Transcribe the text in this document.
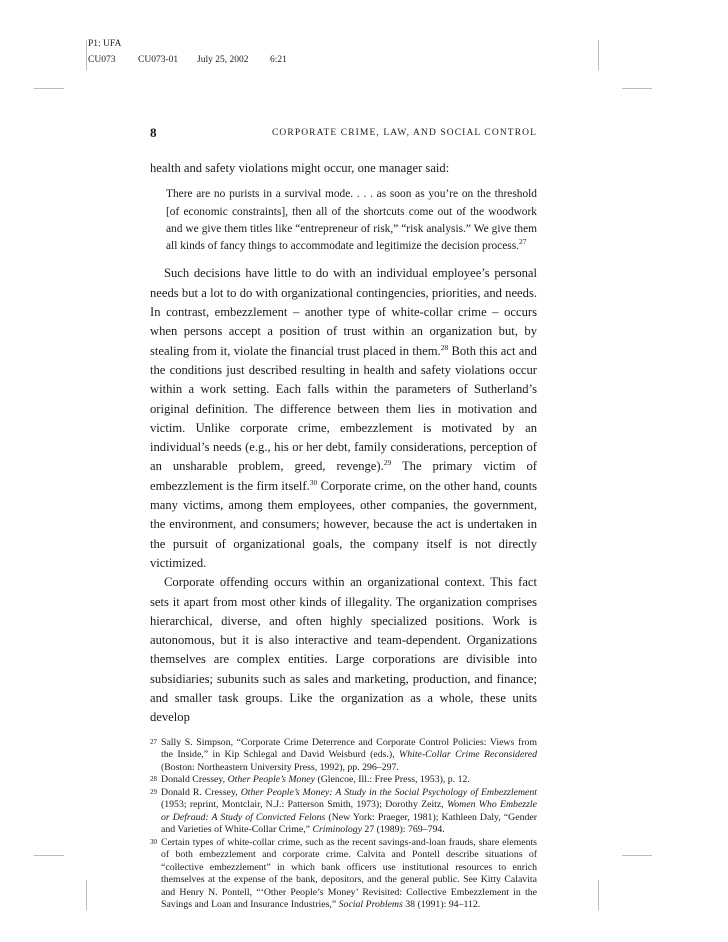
P1: UFA
CU073 CU073-01 July 25, 2002 6:21
8	CORPORATE CRIME, LAW, AND SOCIAL CONTROL

health and safety violations might occur, one manager said:

There are no purists in a survival mode. . . . as soon as you’re on the threshold [of economic constraints], then all of the shortcuts come out of the woodwork and we give them titles like “entrepreneur of risk,” “risk analysis.” We give them all kinds of fancy things to accommodate and legitimize the decision process.$^{27}$

Such decisions have little to do with an individual employee’s personal needs but a lot to do with organizational contingencies, priorities, and needs. In contrast, embezzlement – another type of white-collar crime – occurs when persons accept a position of trust within an organization but, by stealing from it, violate the financial trust placed in them.$^{28}$ Both this act and the conditions just described resulting in health and safety violations occur within a work setting. Each falls within the parameters of Sutherland’s original definition. The difference between them lies in motivation and victim. Unlike corporate crime, embezzlement is motivated by an individual’s needs (e.g., his or her debt, family considerations, perception of an unsharable problem, greed, revenge).$^{29}$ The primary victim of embezzlement is the firm itself.$^{30}$ Corporate crime, on the other hand, counts many victims, among them employees, other companies, the government, the environment, and consumers; however, because the act is undertaken in the pursuit of organizational goals, the company itself is not directly victimized.

Corporate offending occurs within an organizational context. This fact sets it apart from most other kinds of illegality. The organization comprises hierarchical, diverse, and often highly specialized positions. Work is autonomous, but it is also interactive and team-dependent. Organizations themselves are complex entities. Large corporations are divisible into subsidiaries; subunits such as sales and marketing, production, and finance; and smaller task groups. Like the organization as a whole, these units develop

27 Sally S. Simpson, “Corporate Crime Deterrence and Corporate Control Policies: Views from the Inside,” in Kip Schlegal and David Weisburd (eds.), White-Collar Crime Reconsidered (Boston: Northeastern University Press, 1992), pp. 296–297.
28 Donald Cressey, Other People’s Money (Glencoe, Ill.: Free Press, 1953), p. 12.
29 Donald R. Cressey, Other People’s Money: A Study in the Social Psychology of Embezzlement (1953; reprint, Montclair, N.J.: Patterson Smith, 1973); Dorothy Zeitz, Women Who Embezzle or Defraud: A Study of Convicted Felons (New York: Praeger, 1981); Kathleen Daly, “Gender and Varieties of White-Collar Crime,” Criminology 27 (1989): 769–794.
30 Certain types of white-collar crime, such as the recent savings-and-loan frauds, share elements of both embezzlement and corporate crime. Calvita and Pontell describe situations of “collective embezzlement” in which bank officers use institutional resources to enrich themselves at the expense of the bank, depositors, and the general public. See Kitty Calavita and Henry N. Pontell, “‘Other People’s Money’ Revisited: Collective Embezzlement in the Savings and Loan and Insurance Industries,” Social Problems 38 (1991): 94–112.
